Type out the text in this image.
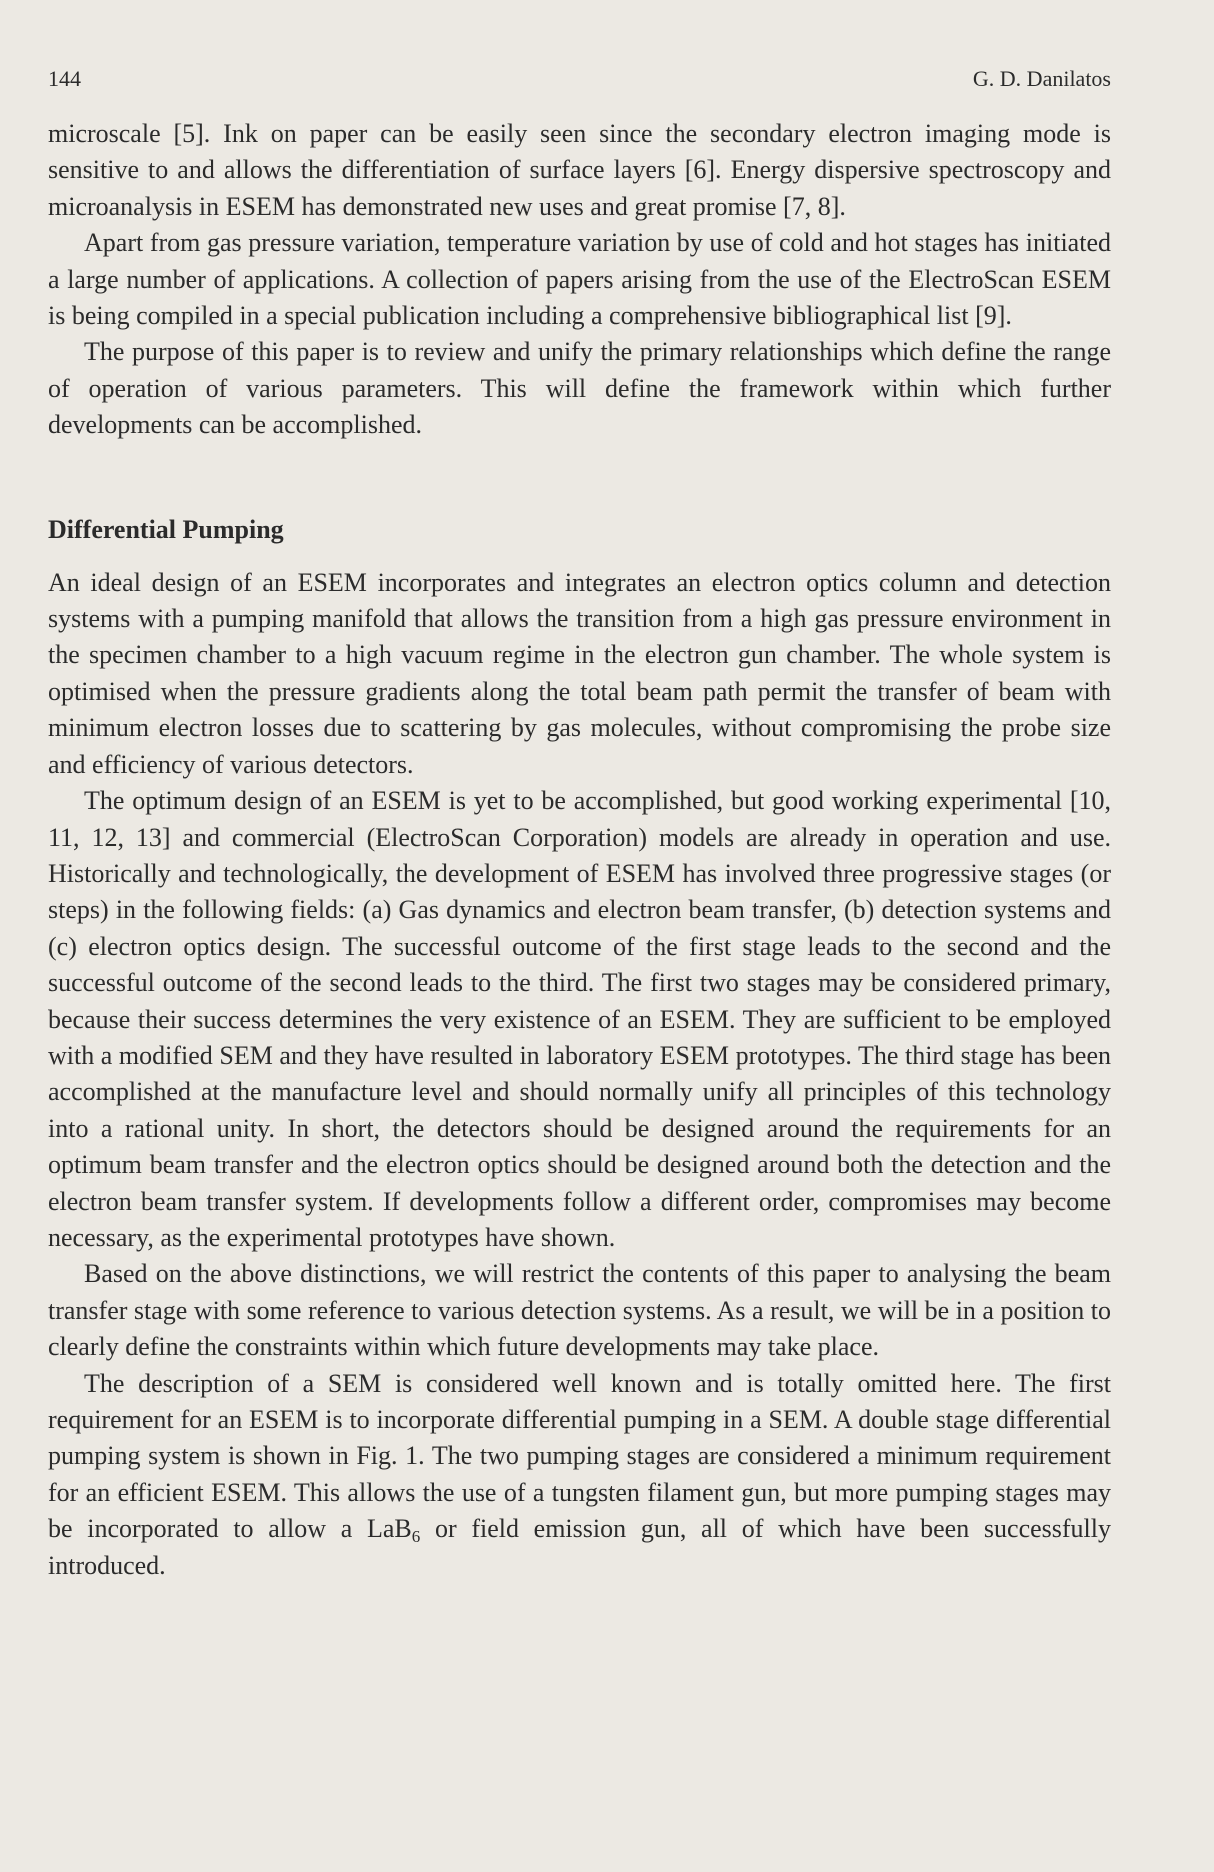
144	G. D. Danilatos

microscale [5]. Ink on paper can be easily seen since the secondary electron imaging mode is sensitive to and allows the differentiation of surface layers [6]. Energy dispersive spectroscopy and microanalysis in ESEM has demonstrated new uses and great promise [7, 8].

Apart from gas pressure variation, temperature variation by use of cold and hot stages has initiated a large number of applications. A collection of papers arising from the use of the ElectroScan ESEM is being compiled in a special publication including a comprehensive bibliographical list [9].

The purpose of this paper is to review and unify the primary relationships which define the range of operation of various parameters. This will define the framework within which further developments can be accomplished.

Differential Pumping

An ideal design of an ESEM incorporates and integrates an electron optics column and detection systems with a pumping manifold that allows the transition from a high gas pressure environment in the specimen chamber to a high vacuum regime in the electron gun chamber. The whole system is optimised when the pressure gradients along the total beam path permit the transfer of beam with minimum electron losses due to scattering by gas molecules, without compromising the probe size and efficiency of various detectors.

The optimum design of an ESEM is yet to be accomplished, but good working experimental [10, 11, 12, 13] and commercial (ElectroScan Corporation) models are already in operation and use. Historically and technologically, the development of ESEM has involved three progressive stages (or steps) in the following fields: (a) Gas dynamics and electron beam transfer, (b) detection systems and (c) electron optics design. The successful outcome of the first stage leads to the second and the successful outcome of the second leads to the third. The first two stages may be considered primary, because their success determines the very existence of an ESEM. They are sufficient to be employed with a modified SEM and they have resulted in laboratory ESEM prototypes. The third stage has been accomplished at the manufacture level and should normally unify all principles of this technology into a rational unity. In short, the detectors should be designed around the requirements for an optimum beam transfer and the electron optics should be designed around both the detection and the electron beam transfer system. If developments follow a different order, compromises may become necessary, as the experimental prototypes have shown.

Based on the above distinctions, we will restrict the contents of this paper to analysing the beam transfer stage with some reference to various detection systems. As a result, we will be in a position to clearly define the constraints within which future developments may take place.

The description of a SEM is considered well known and is totally omitted here. The first requirement for an ESEM is to incorporate differential pumping in a SEM. A double stage differential pumping system is shown in Fig. 1. The two pumping stages are considered a minimum requirement for an efficient ESEM. This allows the use of a tungsten filament gun, but more pumping stages may be incorporated to allow a LaB$_6$ or field emission gun, all of which have been successfully introduced.
